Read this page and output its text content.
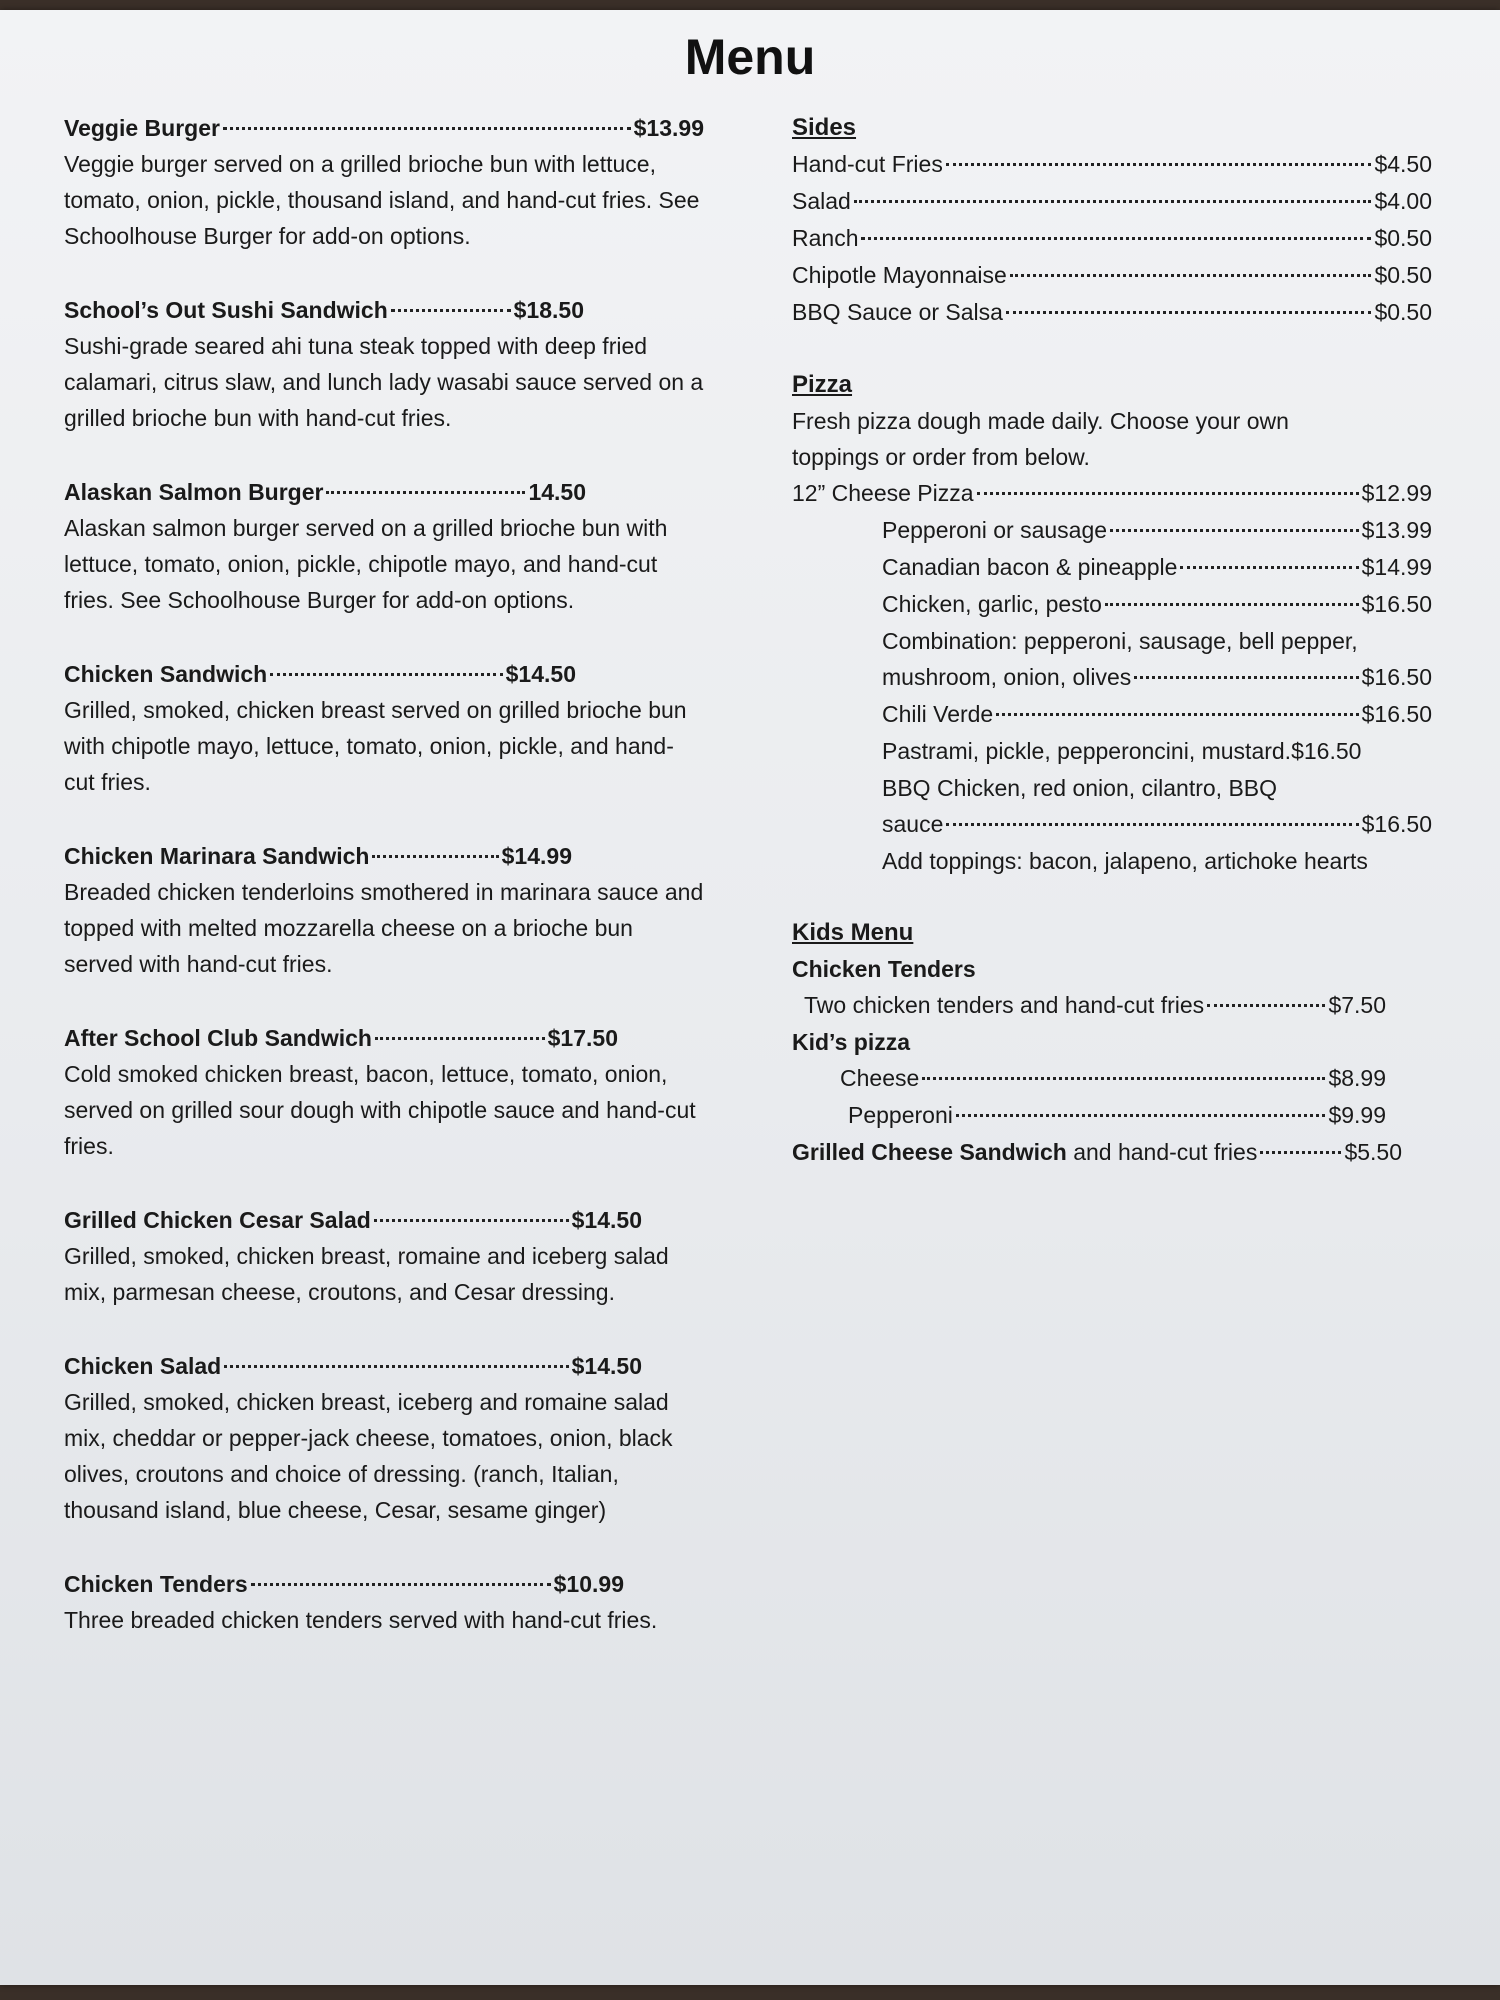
Menu
Veggie Burger	$13.99
Veggie burger served on a grilled brioche bun with lettuce, tomato, onion, pickle, thousand island, and hand-cut fries. See Schoolhouse Burger for add-on options.
School’s Out Sushi Sandwich	$18.50
Sushi-grade seared ahi tuna steak topped with deep fried calamari, citrus slaw, and lunch lady wasabi sauce served on a grilled brioche bun with hand-cut fries.
Alaskan Salmon Burger	14.50
Alaskan salmon burger served on a grilled brioche bun with lettuce, tomato, onion, pickle, chipotle mayo, and hand-cut fries. See Schoolhouse Burger for add-on options.
Chicken Sandwich	$14.50
Grilled, smoked, chicken breast served on grilled brioche bun with chipotle mayo, lettuce, tomato, onion, pickle, and hand-cut fries.
Chicken Marinara Sandwich	$14.99
Breaded chicken tenderloins smothered in marinara sauce and topped with melted mozzarella cheese on a brioche bun served with hand-cut fries.
After School Club Sandwich	$17.50
Cold smoked chicken breast, bacon, lettuce, tomato, onion, served on grilled sour dough with chipotle sauce and hand-cut fries.
Grilled Chicken Cesar Salad	$14.50
Grilled, smoked, chicken breast, romaine and iceberg salad mix, parmesan cheese, croutons, and Cesar dressing.
Chicken Salad	$14.50
Grilled, smoked, chicken breast, iceberg and romaine salad mix, cheddar or pepper-jack cheese, tomatoes, onion, black olives, croutons and choice of dressing. (ranch, Italian, thousand island, blue cheese, Cesar, sesame ginger)
Chicken Tenders	$10.99
Three breaded chicken tenders served with hand-cut fries.
Sides
Hand-cut Fries	$4.50
Salad	$4.00
Ranch	$0.50
Chipotle Mayonnaise	$0.50
BBQ Sauce or Salsa	$0.50
Pizza
Fresh pizza dough made daily. Choose your own toppings or order from below.
12” Cheese Pizza	$12.99
Pepperoni or sausage	$13.99
Canadian bacon & pineapple	$14.99
Chicken, garlic, pesto	$16.50
Combination: pepperoni, sausage, bell pepper,
mushroom, onion, olives	$16.50
Chili Verde	$16.50
Pastrami, pickle, pepperoncini, mustard. $16.50
BBQ Chicken, red onion, cilantro, BBQ
sauce	$16.50
Add toppings: bacon, jalapeno, artichoke hearts
Kids Menu
Chicken Tenders
Two chicken tenders and hand-cut fries	$7.50
Kid’s pizza
Cheese	$8.99
Pepperoni	$9.99
Grilled Cheese Sandwich and hand-cut fries	$5.50
